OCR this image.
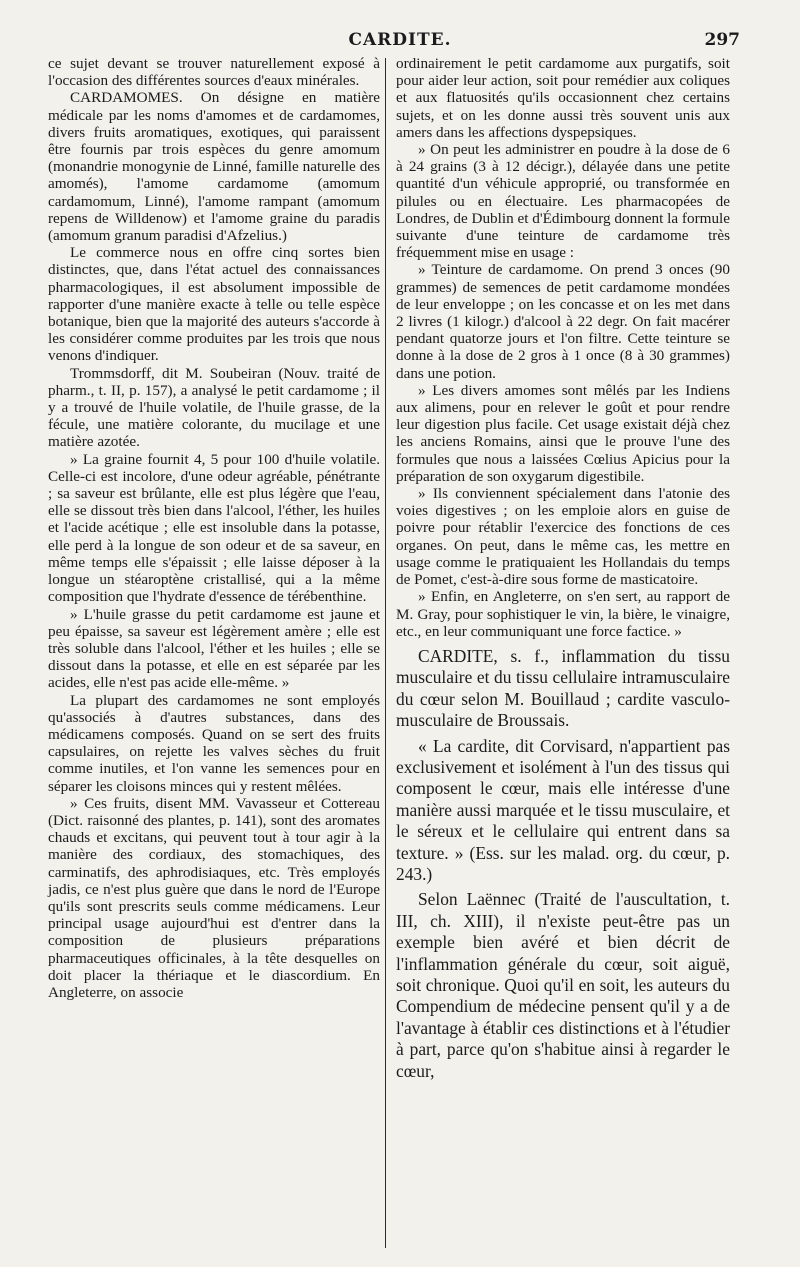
CARDITE.	297

ce sujet devant se trouver naturellement exposé à l'occasion des différentes sources d'eaux minérales.

CARDAMOMES. On désigne en matière médicale par les noms d'amomes et de cardamomes, divers fruits aromatiques, exotiques, qui paraissent être fournis par trois espèces du genre amomum (monandrie monogynie de Linné, famille naturelle des amomés), l'amome cardamome (amomum cardamomum, Linné), l'amome rampant (amomum repens de Willdenow) et l'amome graine du paradis (amomum granum paradisi d'Afzelius.)

Le commerce nous en offre cinq sortes bien distinctes, que, dans l'état actuel des connaissances pharmacologiques, il est absolument impossible de rapporter d'une manière exacte à telle ou telle espèce botanique, bien que la majorité des auteurs s'accorde à les considérer comme produites par les trois que nous venons d'indiquer.

Trommsdorff, dit M. Soubeiran (Nouv. traité de pharm., t. II, p. 157), a analysé le petit cardamome ; il y a trouvé de l'huile volatile, de l'huile grasse, de la fécule, une matière colorante, du mucilage et une matière azotée.

» La graine fournit 4, 5 pour 100 d'huile volatile. Celle-ci est incolore, d'une odeur agréable, pénétrante ; sa saveur est brûlante, elle est plus légère que l'eau, elle se dissout très bien dans l'alcool, l'éther, les huiles et l'acide acétique ; elle est insoluble dans la potasse, elle perd à la longue de son odeur et de sa saveur, en même temps elle s'épaissit ; elle laisse déposer à la longue un stéaroptène cristallisé, qui a la même composition que l'hydrate d'essence de térébenthine.

» L'huile grasse du petit cardamome est jaune et peu épaisse, sa saveur est légèrement amère ; elle est très soluble dans l'alcool, l'éther et les huiles ; elle se dissout dans la potasse, et elle en est séparée par les acides, elle n'est pas acide elle-même. »

La plupart des cardamomes ne sont employés qu'associés à d'autres substances, dans des médicamens composés. Quand on se sert des fruits capsulaires, on rejette les valves sèches du fruit comme inutiles, et l'on vanne les semences pour en séparer les cloisons minces qui y restent mêlées.

» Ces fruits, disent MM. Vavasseur et Cottereau (Dict. raisonné des plantes, p. 141), sont des aromates chauds et excitans, qui peuvent tout à tour agir à la manière des cordiaux, des stomachiques, des carminatifs, des aphrodisiaques, etc. Très employés jadis, ce n'est plus guère que dans le nord de l'Europe qu'ils sont prescrits seuls comme médicamens. Leur principal usage aujourd'hui est d'entrer dans la composition de plusieurs préparations pharmaceutiques officinales, à la tête desquelles on doit placer la thériaque et le diascordium. En Angleterre, on associe

ordinairement le petit cardamome aux purgatifs, soit pour aider leur action, soit pour remédier aux coliques et aux flatuosités qu'ils occasionnent chez certains sujets, et on les donne aussi très souvent unis aux amers dans les affections dyspepsiques.

» On peut les administrer en poudre à la dose de 6 à 24 grains (3 à 12 décigr.), délayée dans une petite quantité d'un véhicule approprié, ou transformée en pilules ou en électuaire. Les pharmacopées de Londres, de Dublin et d'Édimbourg donnent la formule suivante d'une teinture de cardamome très fréquemment mise en usage :

» Teinture de cardamome. On prend 3 onces (90 grammes) de semences de petit cardamome mondées de leur enveloppe ; on les concasse et on les met dans 2 livres (1 kilogr.) d'alcool à 22 degr. On fait macérer pendant quatorze jours et l'on filtre. Cette teinture se donne à la dose de 2 gros à 1 once (8 à 30 grammes) dans une potion.

» Les divers amomes sont mêlés par les Indiens aux alimens, pour en relever le goût et pour rendre leur digestion plus facile. Cet usage existait déjà chez les anciens Romains, ainsi que le prouve l'une des formules que nous a laissées Cœlius Apicius pour la préparation de son oxygarum digestibile.

» Ils conviennent spécialement dans l'atonie des voies digestives ; on les emploie alors en guise de poivre pour rétablir l'exercice des fonctions de ces organes. On peut, dans le même cas, les mettre en usage comme le pratiquaient les Hollandais du temps de Pomet, c'est-à-dire sous forme de masticatoire.

» Enfin, en Angleterre, on s'en sert, au rapport de M. Gray, pour sophistiquer le vin, la bière, le vinaigre, etc., en leur communiquant une force factice. »

CARDITE, s. f., inflammation du tissu musculaire et du tissu cellulaire intramusculaire du cœur selon M. Bouillaud ; cardite vasculo-musculaire de Broussais.

« La cardite, dit Corvisard, n'appartient pas exclusivement et isolément à l'un des tissus qui composent le cœur, mais elle intéresse d'une manière aussi marquée et le tissu musculaire, et le séreux et le cellulaire qui entrent dans sa texture. » (Ess. sur les malad. org. du cœur, p. 243.)

Selon Laënnec (Traité de l'auscultation, t. III, ch. XIII), il n'existe peut-être pas un exemple bien avéré et bien décrit de l'inflammation générale du cœur, soit aiguë, soit chronique. Quoi qu'il en soit, les auteurs du Compendium de médecine pensent qu'il y a de l'avantage à établir ces distinctions et à l'étudier à part, parce qu'on s'habitue ainsi à regarder le cœur,
